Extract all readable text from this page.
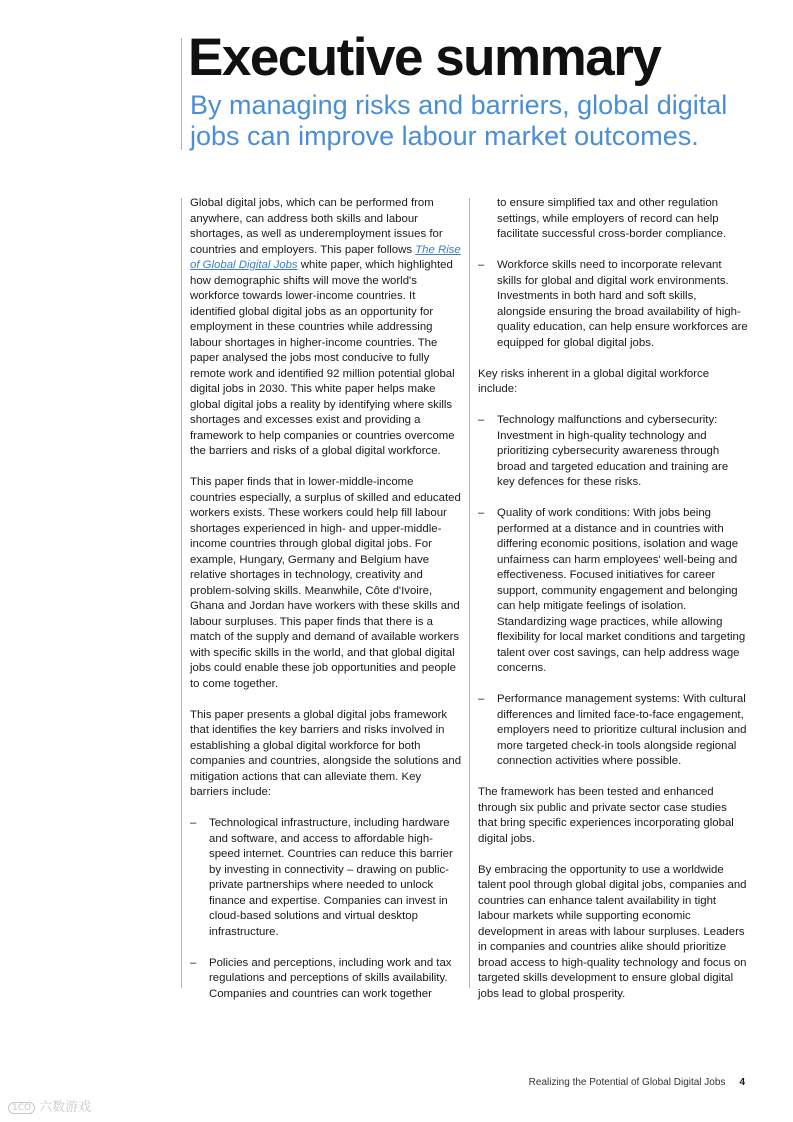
Executive summary
By managing risks and barriers, global digital jobs can improve labour market outcomes.

Global digital jobs, which can be performed from anywhere, can address both skills and labour shortages, as well as underemployment issues for countries and employers. This paper follows The Rise of Global Digital Jobs white paper, which highlighted how demographic shifts will move the world's workforce towards lower-income countries. It identified global digital jobs as an opportunity for employment in these countries while addressing labour shortages in higher-income countries. The paper analysed the jobs most conducive to fully remote work and identified 92 million potential global digital jobs in 2030. This white paper helps make global digital jobs a reality by identifying where skills shortages and excesses exist and providing a framework to help companies or countries overcome the barriers and risks of a global digital workforce.

This paper finds that in lower-middle-income countries especially, a surplus of skilled and educated workers exists. These workers could help fill labour shortages experienced in high- and upper-middle-income countries through global digital jobs. For example, Hungary, Germany and Belgium have relative shortages in technology, creativity and problem-solving skills. Meanwhile, Côte d'Ivoire, Ghana and Jordan have workers with these skills and labour surpluses. This paper finds that there is a match of the supply and demand of available workers with specific skills in the world, and that global digital jobs could enable these job opportunities and people to come together.

This paper presents a global digital jobs framework that identifies the key barriers and risks involved in establishing a global digital workforce for both companies and countries, alongside the solutions and mitigation actions that can alleviate them. Key barriers include:

– Technological infrastructure, including hardware and software, and access to affordable high-speed internet. Countries can reduce this barrier by investing in connectivity – drawing on public-private partnerships where needed to unlock finance and expertise. Companies can invest in cloud-based solutions and virtual desktop infrastructure.
– Policies and perceptions, including work and tax regulations and perceptions of skills availability. Companies and countries can work together
to ensure simplified tax and other regulation settings, while employers of record can help facilitate successful cross-border compliance.
– Workforce skills need to incorporate relevant skills for global and digital work environments. Investments in both hard and soft skills, alongside ensuring the broad availability of high-quality education, can help ensure workforces are equipped for global digital jobs.

Key risks inherent in a global digital workforce include:

– Technology malfunctions and cybersecurity: Investment in high-quality technology and prioritizing cybersecurity awareness through broad and targeted education and training are key defences for these risks.
– Quality of work conditions: With jobs being performed at a distance and in countries with differing economic positions, isolation and wage unfairness can harm employees' well-being and effectiveness. Focused initiatives for career support, community engagement and belonging can help mitigate feelings of isolation. Standardizing wage practices, while allowing flexibility for local market conditions and targeting talent over cost savings, can help address wage concerns.
– Performance management systems: With cultural differences and limited face-to-face engagement, employers need to prioritize cultural inclusion and more targeted check-in tools alongside regional connection activities where possible.

The framework has been tested and enhanced through six public and private sector case studies that bring specific experiences incorporating global digital jobs.

By embracing the opportunity to use a worldwide talent pool through global digital jobs, companies and countries can enhance talent availability in tight labour markets while supporting economic development in areas with labour surpluses. Leaders in companies and countries alike should prioritize broad access to high-quality technology and focus on targeted skills development to ensure global digital jobs lead to global prosperity.

Realizing the Potential of Global Digital Jobs 4
1CO 六数游戏
